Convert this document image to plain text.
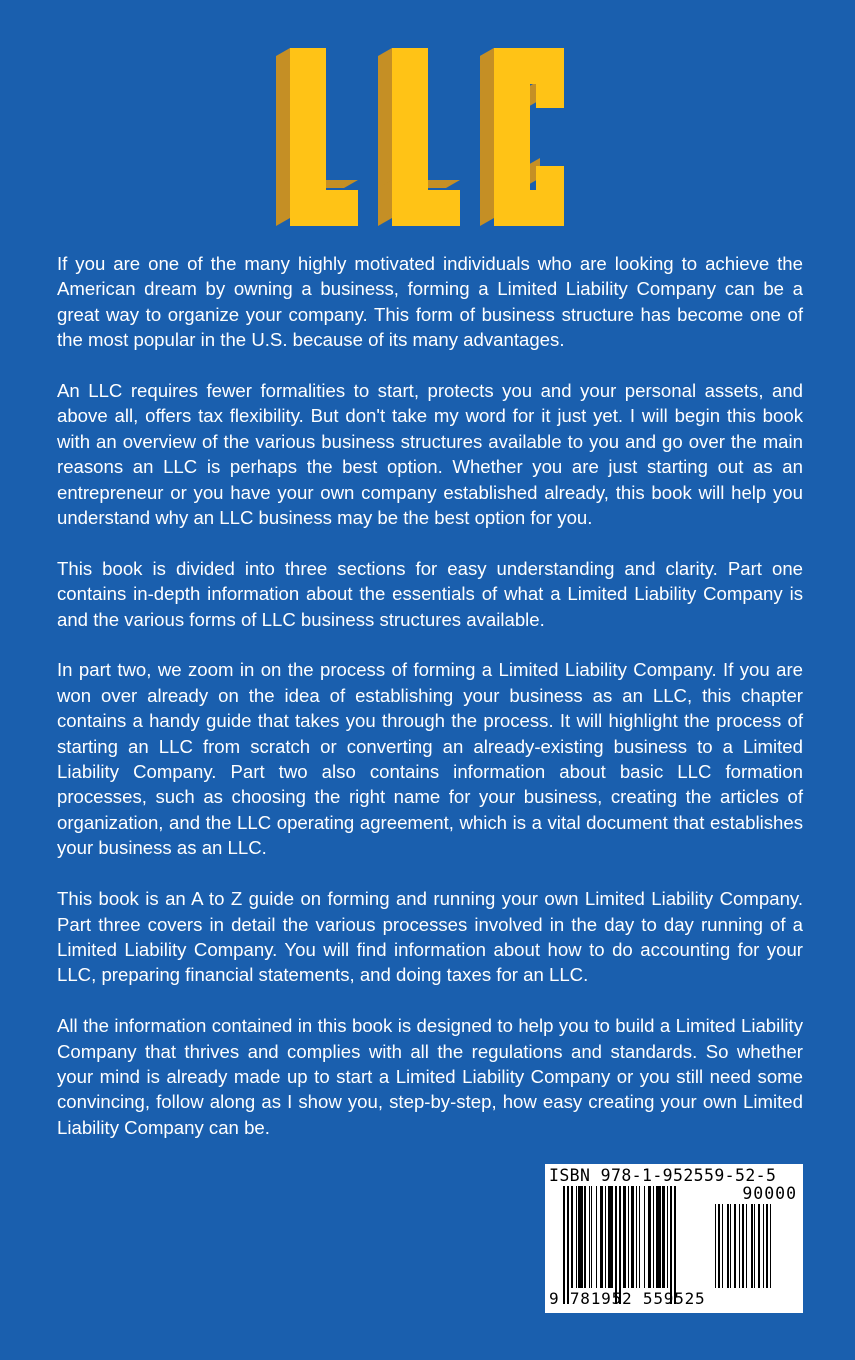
If you are one of the many highly motivated individuals who are looking to achieve the American dream by owning a business, forming a Limited Liability Company can be a great way to organize your company. This form of business structure has become one of the most popular in the U.S. because of its many advantages.

An LLC requires fewer formalities to start, protects you and your personal assets, and above all, offers tax flexibility. But don't take my word for it just yet. I will begin this book with an overview of the various business structures available to you and go over the main reasons an LLC is perhaps the best option. Whether you are just starting out as an entrepreneur or you have your own company established already, this book will help you understand why an LLC business may be the best option for you.

This book is divided into three sections for easy understanding and clarity. Part one contains in-depth information about the essentials of what a Limited Liability Company is and the various forms of LLC business structures available.

In part two, we zoom in on the process of forming a Limited Liability Company. If you are won over already on the idea of establishing your business as an LLC, this chapter contains a handy guide that takes you through the process. It will highlight the process of starting an LLC from scratch or converting an already-existing business to a Limited Liability Company. Part two also contains information about basic LLC formation processes, such as choosing the right name for your business, creating the articles of organization, and the LLC operating agreement, which is a vital document that establishes your business as an LLC.

This book is an A to Z guide on forming and running your own Limited Liability Company. Part three covers in detail the various processes involved in the day to day running of a Limited Liability Company. You will find information about how to do accounting for your LLC, preparing financial statements, and doing taxes for an LLC.

All the information contained in this book is designed to help you to build a Limited Liability Company that thrives and complies with all the regulations and standards. So whether your mind is already made up to start a Limited Liability Company or you still need some convincing, follow along as I show you, step-by-step, how easy creating your own Limited Liability Company can be.

ISBN 978-1-952559-52-5
90000
9 781952 559525
